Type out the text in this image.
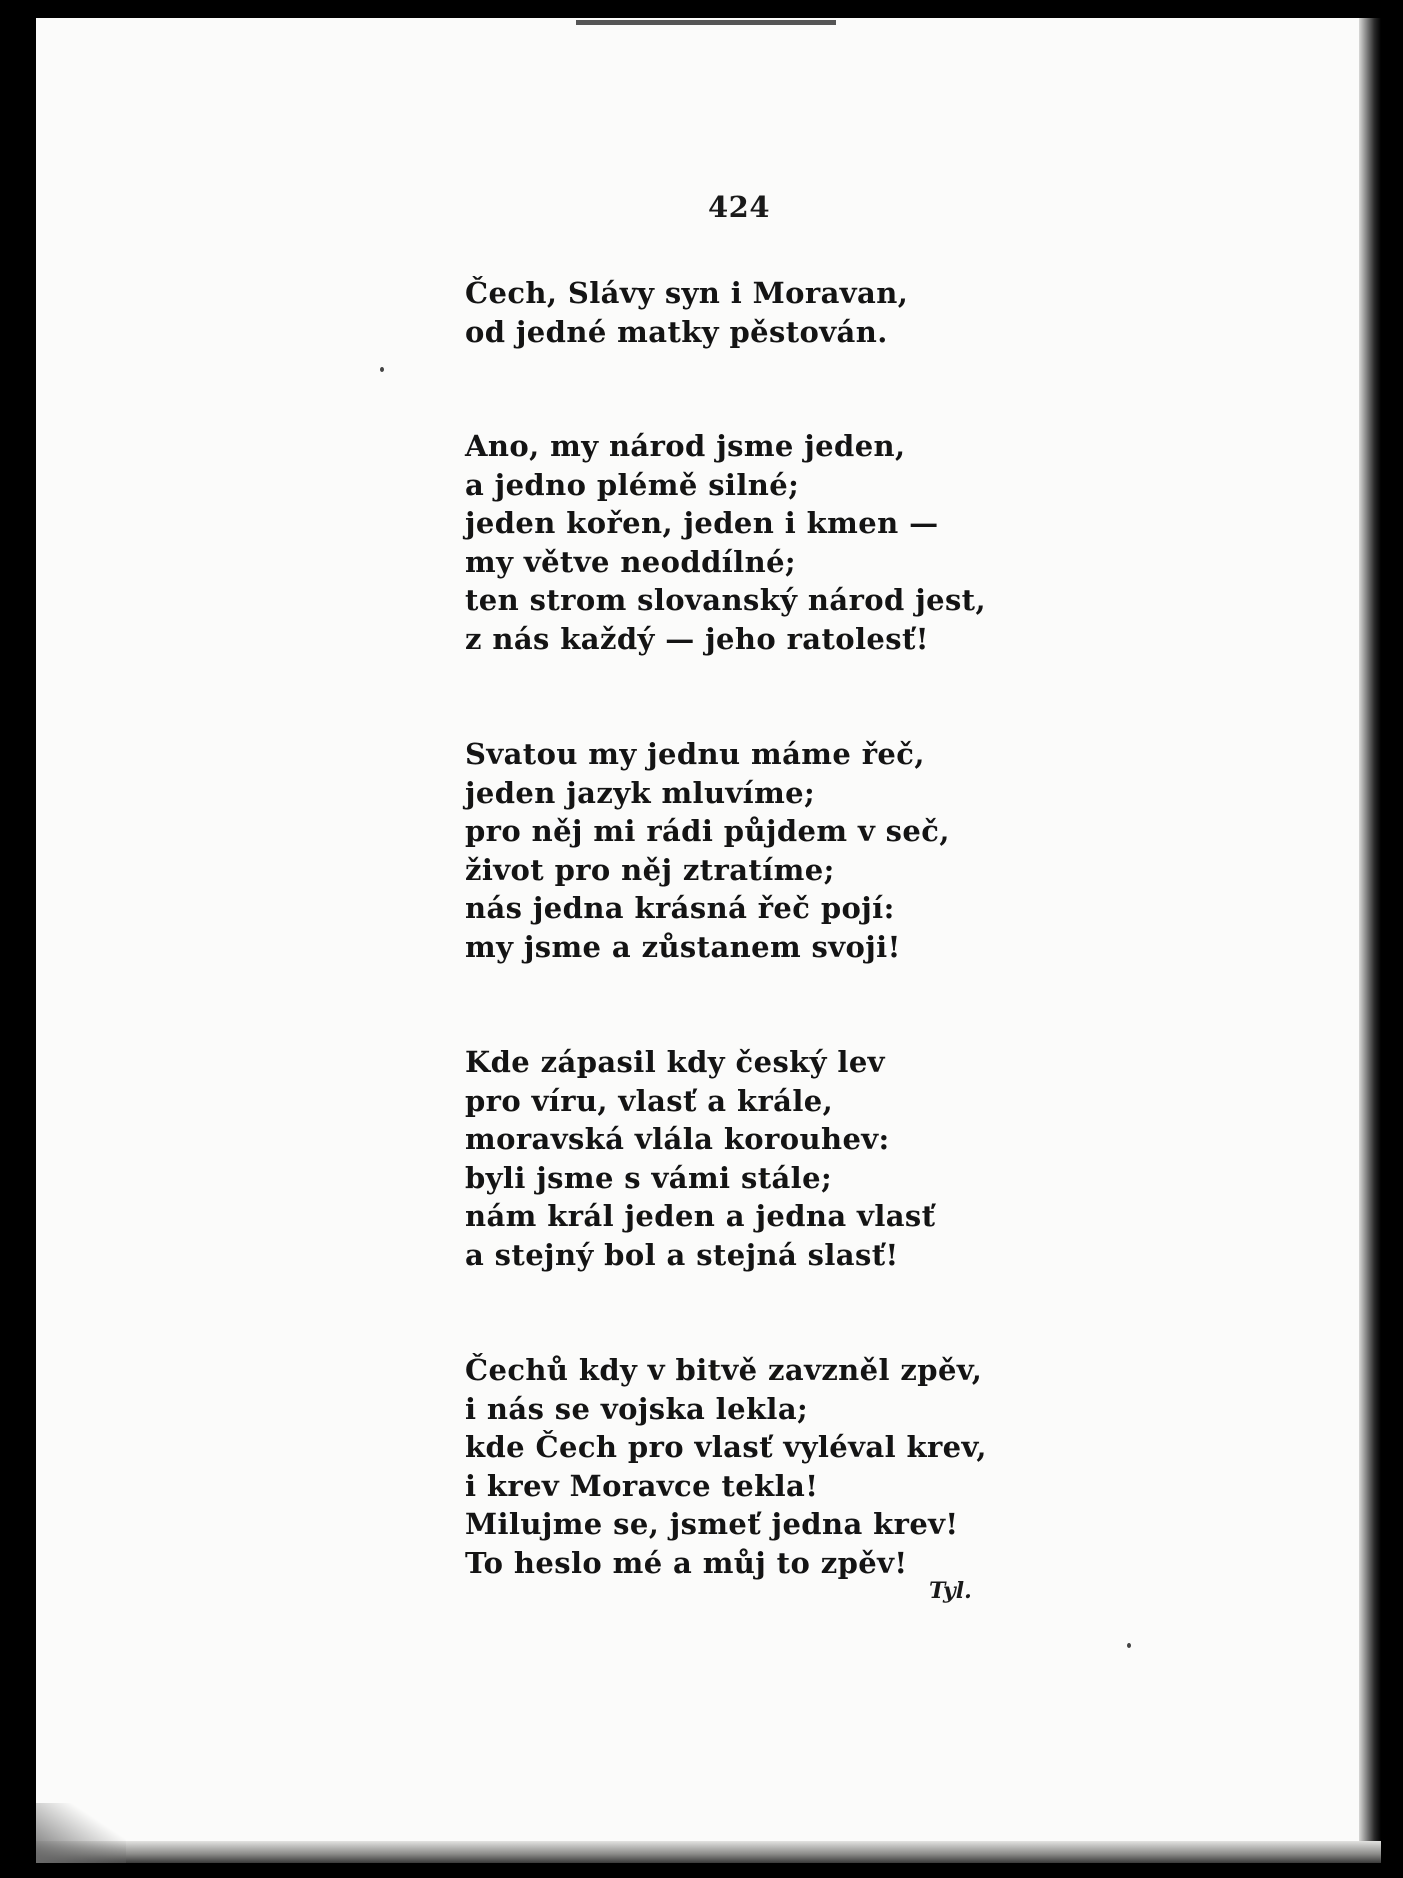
424
Čech, Slávy syn i Moravan,
od jedné matky pěstován.
Ano, my národ jsme jeden,
a jedno plémě silné;
jeden kořen, jeden i kmen —
my větve neoddílné;
ten strom slovanský národ jest,
z nás každý — jeho ratolesť!
Svatou my jednu máme řeč,
jeden jazyk mluvíme;
pro něj mi rádi půjdem v seč,
život pro něj ztratíme;
nás jedna krásná řeč pojí:
my jsme a zůstanem svoji!
Kde zápasil kdy český lev
pro víru, vlasť a krále,
moravská vlála korouhev:
byli jsme s vámi stále;
nám král jeden a jedna vlasť
a stejný bol a stejná slasť!
Čechů kdy v bitvě zavzněl zpěv,
i nás se vojska lekla;
kde Čech pro vlasť vyléval krev,
i krev Moravce tekla!
Milujme se, jsmeť jedna krev!
To heslo mé a můj to zpěv!
Tyl.
